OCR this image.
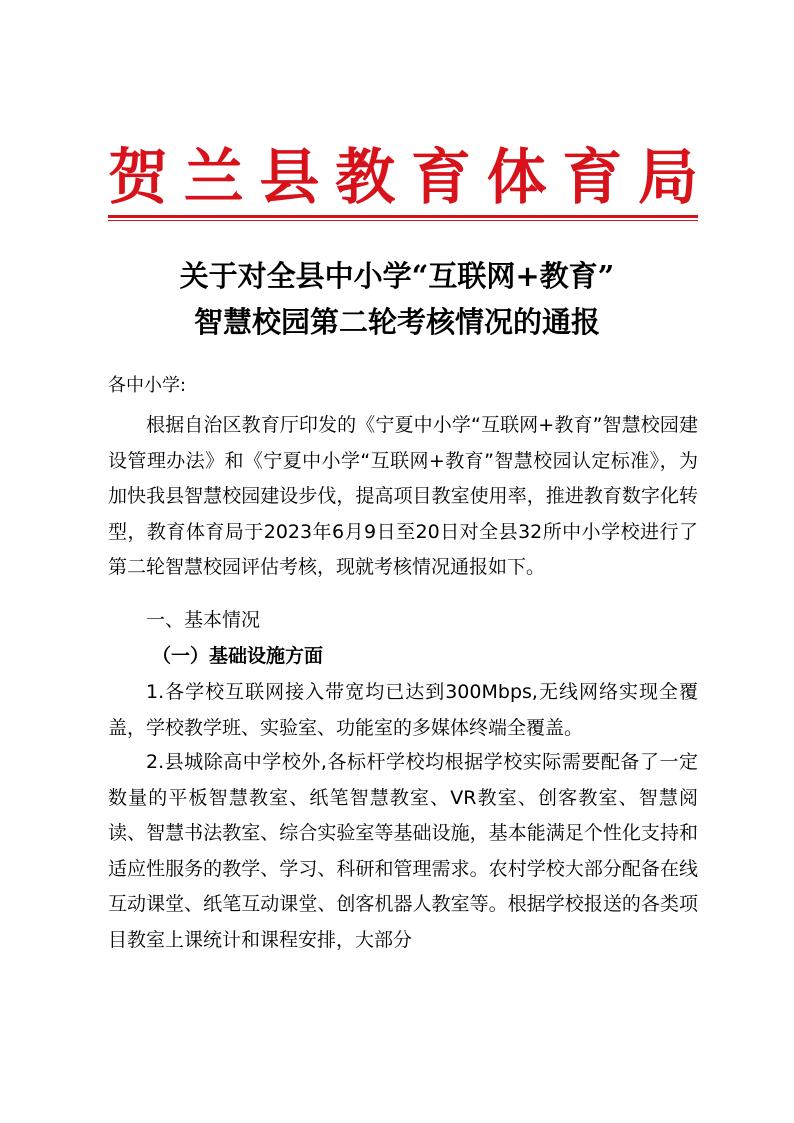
贺兰县教育体育局
关于对全县中小学“互联网+教育”
智慧校园第二轮考核情况的通报
各中小学:

根据自治区教育厅印发的《宁夏中小学“互联网+教育”智慧校园建设管理办法》和《宁夏中小学“互联网+教育”智慧校园认定标准》，为加快我县智慧校园建设步伐，提高项目教室使用率，推进教育数字化转型，教育体育局于2023年6月9日至20日对全县32所中小学校进行了第二轮智慧校园评估考核，现就考核情况通报如下。

一、基本情况
（一）基础设施方面

1.各学校互联网接入带宽均已达到300Mbps,无线网络实现全覆盖，学校教学班、实验室、功能室的多媒体终端全覆盖。

2.县城除高中学校外,各标杆学校均根据学校实际需要配备了一定数量的平板智慧教室、纸笔智慧教室、VR教室、创客教室、智慧阅读、智慧书法教室、综合实验室等基础设施，基本能满足个性化支持和适应性服务的教学、学习、科研和管理需求。农村学校大部分配备在线互动课堂、纸笔互动课堂、创客机器人教室等。根据学校报送的各类项目教室上课统计和课程安排，大部分
